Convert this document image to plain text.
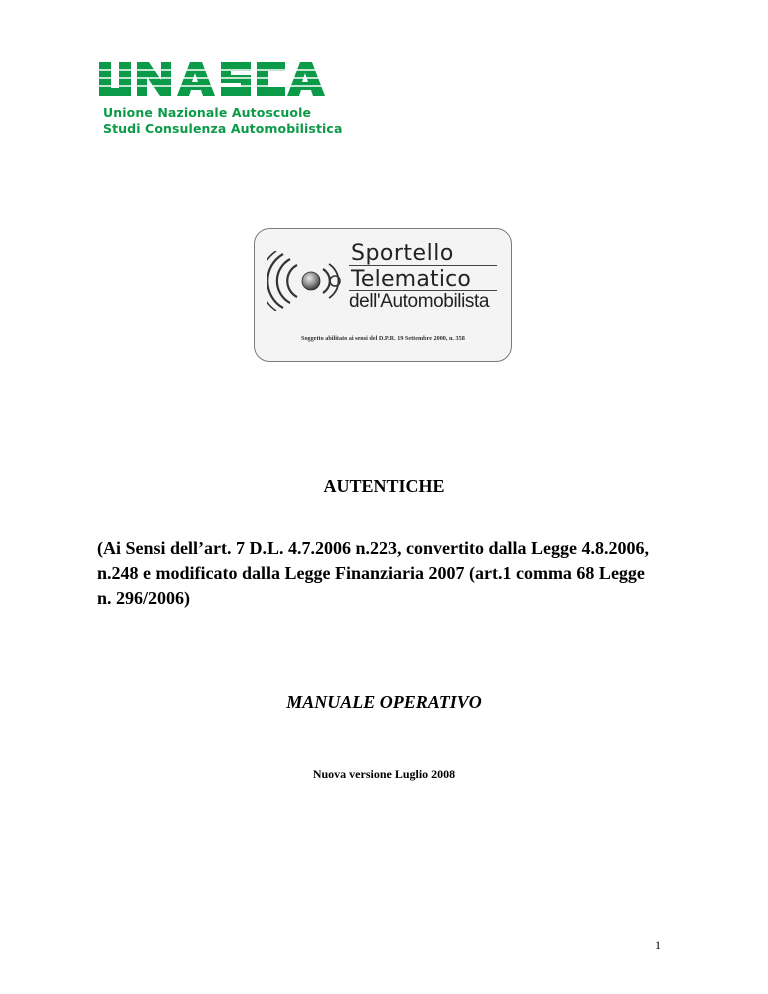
Unione Nazionale Autoscuole
Studi Consulenza Automobilistica
Sportello
Telematico
dell'Automobilista
Soggetto abilitato ai sensi del D.P.R. 19 Settembre 2000, n. 358

AUTENTICHE

(Ai Sensi dell’art. 7 D.L. 4.7.2006 n.223, convertito dalla Legge 4.8.2006, n.248 e modificato dalla Legge Finanziaria 2007 (art.1 comma 68 Legge n. 296/2006)

MANUALE OPERATIVO

Nuova versione Luglio 2008

1
